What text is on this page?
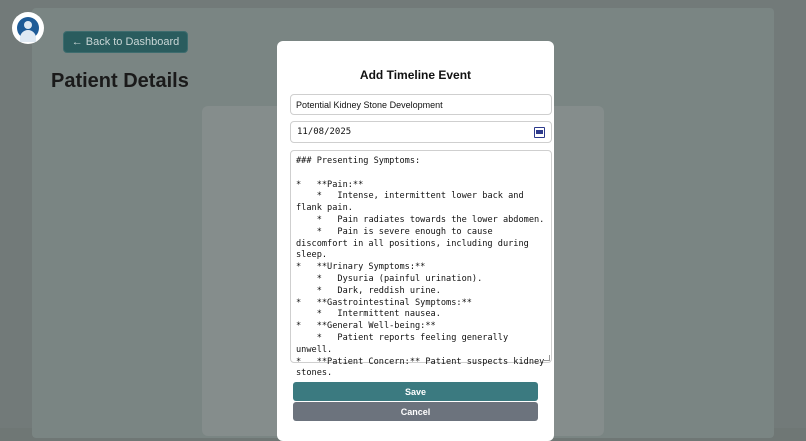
← Back to Dashboard
Patient Details	Add Timeline Event
Potential Kidney Stone Development
11/08/2025
### Presenting Symptoms:

*   **Pain:**
*   Intense, intermittent lower back and flank pain.
*   Pain radiates towards the lower abdomen.
*   Pain is severe enough to cause discomfort in all positions, including during sleep.
*   **Urinary Symptoms:**
*   Dysuria (painful urination).
*   Dark, reddish urine.
*   **Gastrointestinal Symptoms:**
*   Intermittent nausea.
*   **General Well-being:**
*   Patient reports feeling generally unwell.
*   **Patient Concern:** Patient suspects kidney stones.
Save
Cancel
